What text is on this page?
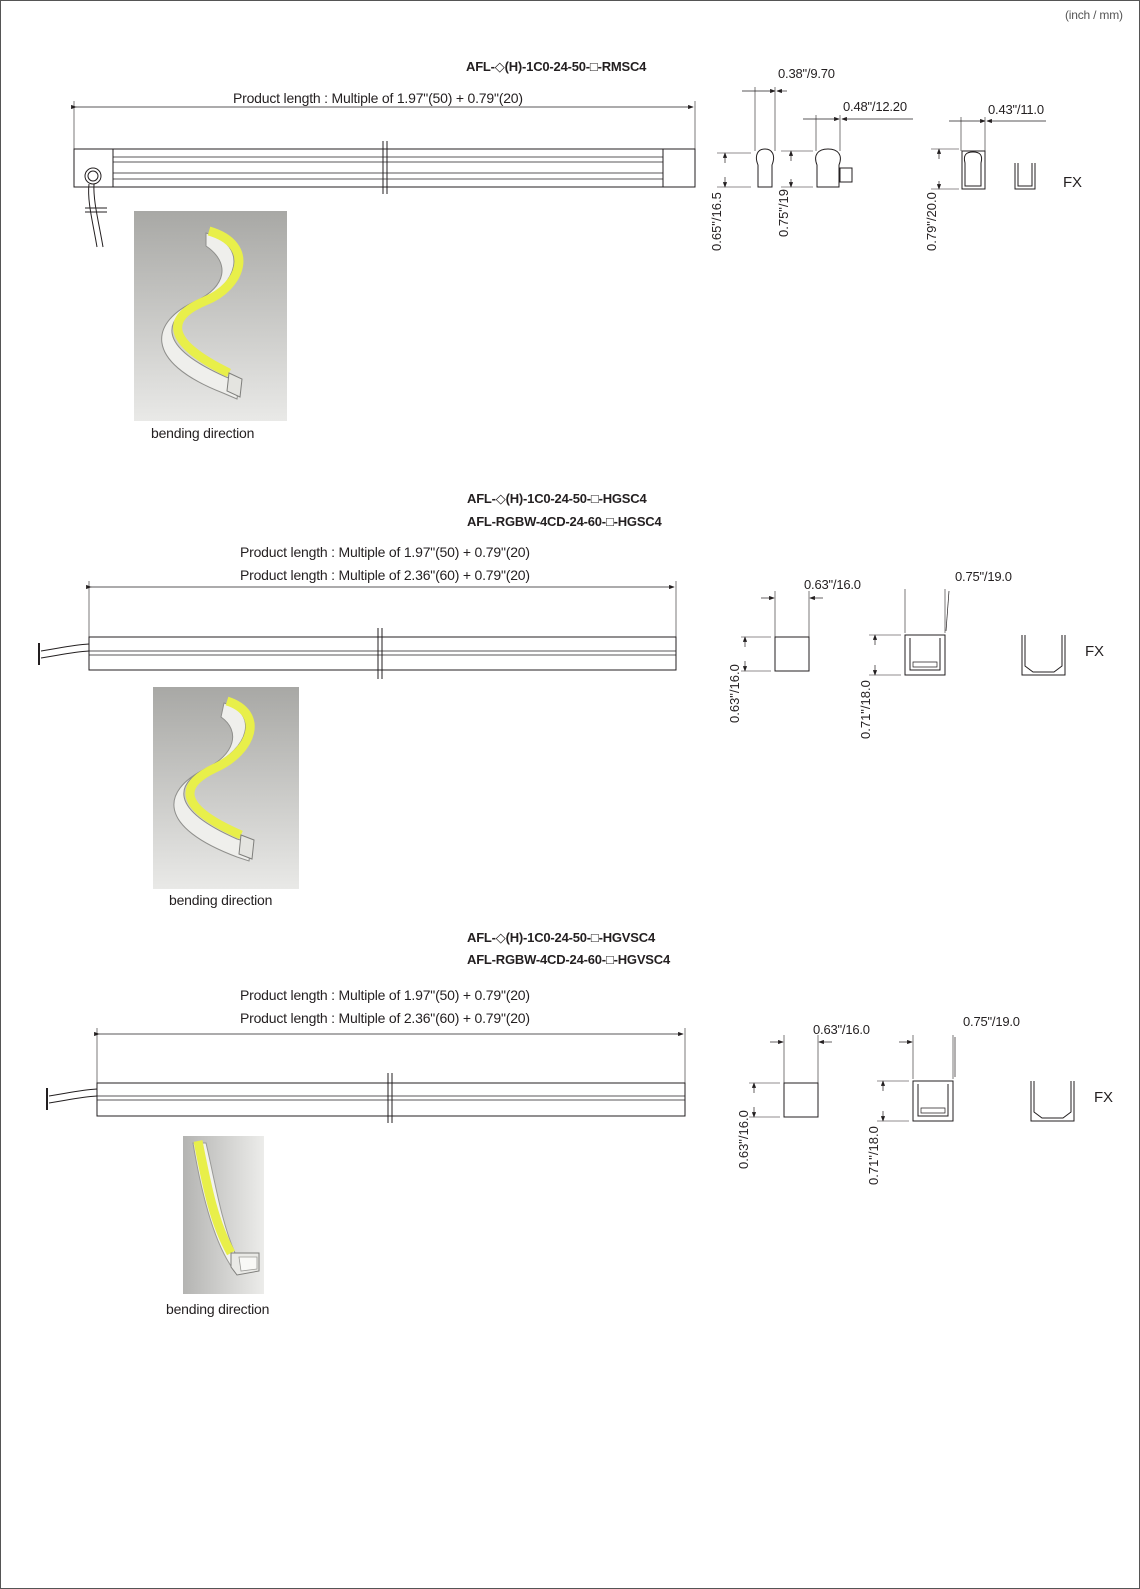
(inch / mm)
AFL-◇(H)-1C0-24-50-□-RMSC4
Product length : Multiple of 1.97"(50) + 0.79"(20)
0.38"/9.70
0.48"/12.20	0.43"/11.0
0.65"/16.5	0.75"/19	0.79"/20.0
FX
bending direction
AFL-◇(H)-1C0-24-50-□-HGSC4
AFL-RGBW-4CD-24-60-□-HGSC4
Product length : Multiple of 1.97"(50) + 0.79"(20)
Product length : Multiple of 2.36"(60) + 0.79"(20)
0.63"/16.0
0.75"/19.0
0.63"/16.0	0.71"/18.0
FX
bending direction
AFL-◇(H)-1C0-24-50-□-HGVSC4
AFL-RGBW-4CD-24-60-□-HGVSC4
Product length : Multiple of 1.97"(50) + 0.79"(20)
Product length : Multiple of 2.36"(60) + 0.79"(20)
0.63"/16.0
0.75"/19.0
0.63"/16.0	0.71"/18.0
FX
bending direction
